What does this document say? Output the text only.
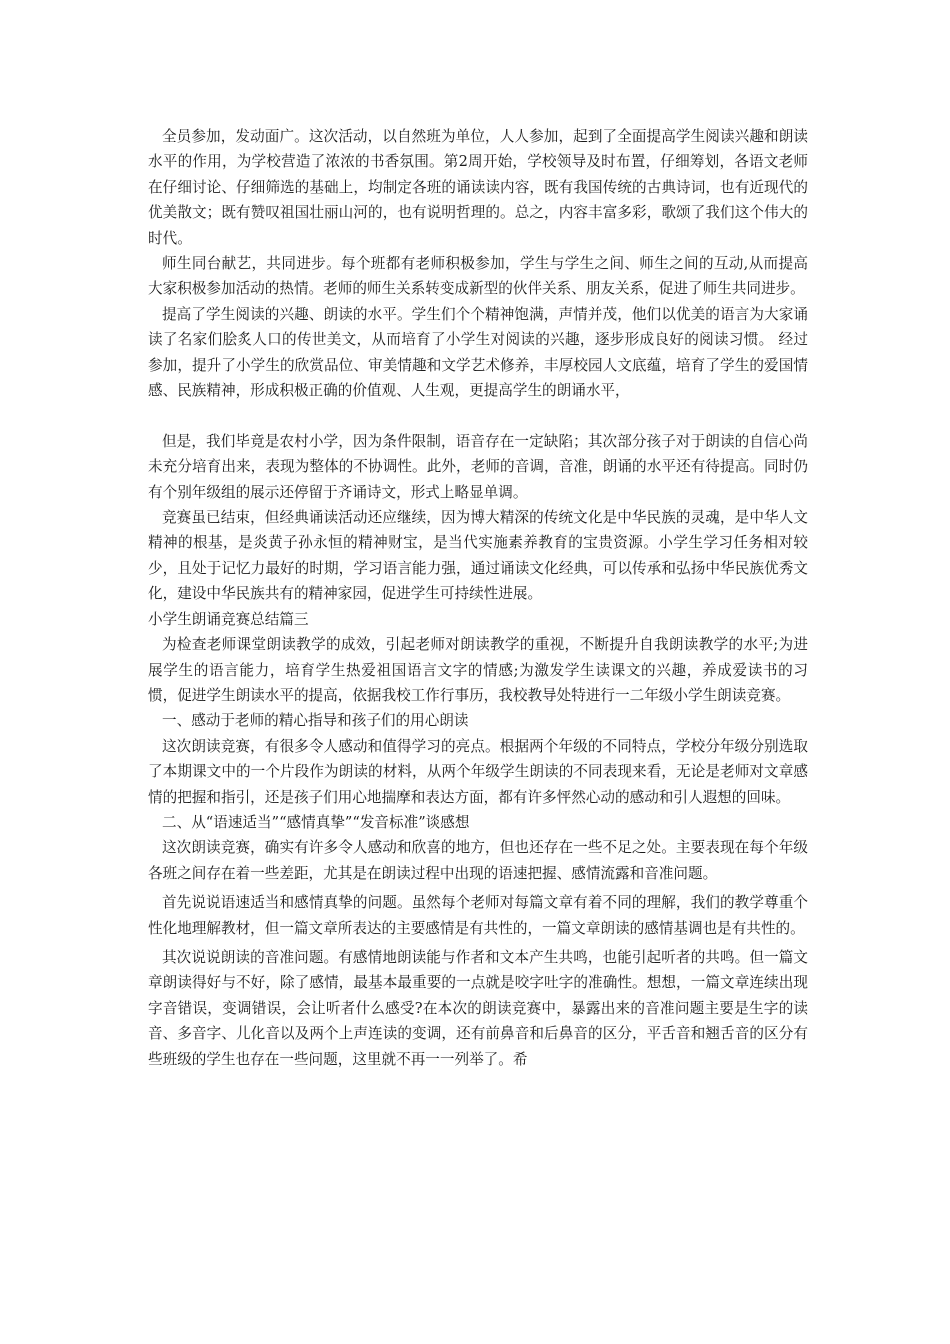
全员参加，发动面广。这次活动，以自然班为单位，人人参加，起到了全面提高学生阅读兴趣和朗读水平的作用，为学校营造了浓浓的书香氛围。第2周开始，学校领导及时布置，仔细筹划，各语文老师在仔细讨论、仔细筛选的基础上，均制定各班的诵读读内容，既有我国传统的古典诗词，也有近现代的优美散文；既有赞叹祖国壮丽山河的，也有说明哲理的。总之，内容丰富多彩，歌颂了我们这个伟大的时代。

师生同台献艺，共同进步。每个班都有老师积极参加，学生与学生之间、师生之间的互动,从而提高大家积极参加活动的热情。老师的师生关系转变成新型的伙伴关系、朋友关系，促进了师生共同进步。

提高了学生阅读的兴趣、朗读的水平。学生们个个精神饱满，声情并茂，他们以优美的语言为大家诵读了名家们脍炙人口的传世美文，从而培育了小学生对阅读的兴趣，逐步形成良好的阅读习惯。 经过参加，提升了小学生的欣赏品位、审美情趣和文学艺术修养，丰厚校园人文底蕴，培育了学生的爱国情感、民族精神，形成积极正确的价值观、人生观，更提高学生的朗诵水平，

但是，我们毕竟是农村小学，因为条件限制，语音存在一定缺陷；其次部分孩子对于朗读的自信心尚未充分培育出来，表现为整体的不协调性。此外，老师的音调，音准，朗诵的水平还有待提高。同时仍有个别年级组的展示还停留于齐诵诗文，形式上略显单调。

竞赛虽已结束，但经典诵读活动还应继续，因为博大精深的传统文化是中华民族的灵魂，是中华人文精神的根基，是炎黄子孙永恒的精神财宝，是当代实施素养教育的宝贵资源。小学生学习任务相对较少，且处于记忆力最好的时期，学习语言能力强，通过诵读文化经典，可以传承和弘扬中华民族优秀文化，建设中华民族共有的精神家园，促进学生可持续性进展。

小学生朗诵竞赛总结篇三

为检查老师课堂朗读教学的成效，引起老师对朗读教学的重视，不断提升自我朗读教学的水平;为进展学生的语言能力，培育学生热爱祖国语言文字的情感;为激发学生读课文的兴趣，养成爱读书的习惯，促进学生朗读水平的提高，依据我校工作行事历，我校教导处特进行一二年级小学生朗读竞赛。

一、感动于老师的精心指导和孩子们的用心朗读

这次朗读竞赛，有很多令人感动和值得学习的亮点。根据两个年级的不同特点，学校分年级分别选取了本期课文中的一个片段作为朗读的材料，从两个年级学生朗读的不同表现来看，无论是老师对文章感情的把握和指引，还是孩子们用心地揣摩和表达方面，都有许多怦然心动的感动和引人遐想的回味。

二、从“语速适当”“感情真挚”“发音标准”谈感想

这次朗读竞赛，确实有许多令人感动和欣喜的地方，但也还存在一些不足之处。主要表现在每个年级各班之间存在着一些差距，尤其是在朗读过程中出现的语速把握、感情流露和音准问题。

首先说说语速适当和感情真挚的问题。虽然每个老师对每篇文章有着不同的理解，我们的教学尊重个性化地理解教材，但一篇文章所表达的主要感情是有共性的，一篇文章朗读的感情基调也是有共性的。

其次说说朗读的音准问题。有感情地朗读能与作者和文本产生共鸣，也能引起听者的共鸣。但一篇文章朗读得好与不好，除了感情，最基本最重要的一点就是咬字吐字的准确性。想想，一篇文章连续出现字音错误，变调错误，会让听者什么感受?在本次的朗读竞赛中，暴露出来的音准问题主要是生字的读音、多音字、儿化音以及两个上声连读的变调，还有前鼻音和后鼻音的区分，平舌音和翘舌音的区分有些班级的学生也存在一些问题，这里就不再一一列举了。希
